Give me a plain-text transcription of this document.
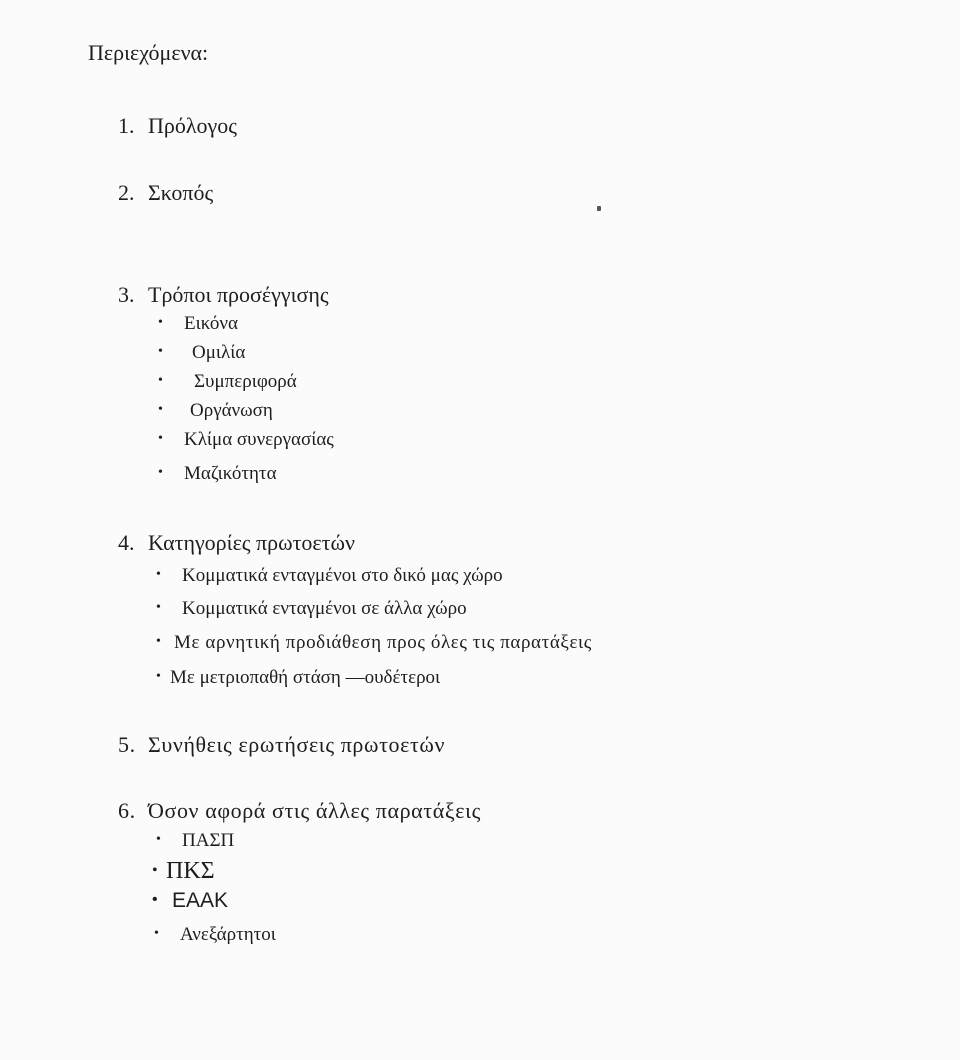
Περιεχόμενα:
1. Πρόλογος
2. Σκοπός
3. Τρόποι προσέγγισης
• Εικόνα
• Ομιλία
• Συμπεριφορά
• Οργάνωση
• Κλίμα συνεργασίας
• Μαζικότητα
4. Κατηγορίες πρωτοετών
• Κομματικά ενταγμένοι στο δικό μας χώρο
• Κομματικά ενταγμένοι σε άλλα χώρο
• Με αρνητική προδιάθεση προς όλες τις παρατάξεις
• Με μετριοπαθή στάση —ουδέτεροι
5. Συνήθεις ερωτήσεις πρωτοετών
6. Όσον αφορά στις άλλες παρατάξεις
• ΠΑΣΠ
• ΠΚΣ
• ΕΑΑΚ
• Ανεξάρτητοι
